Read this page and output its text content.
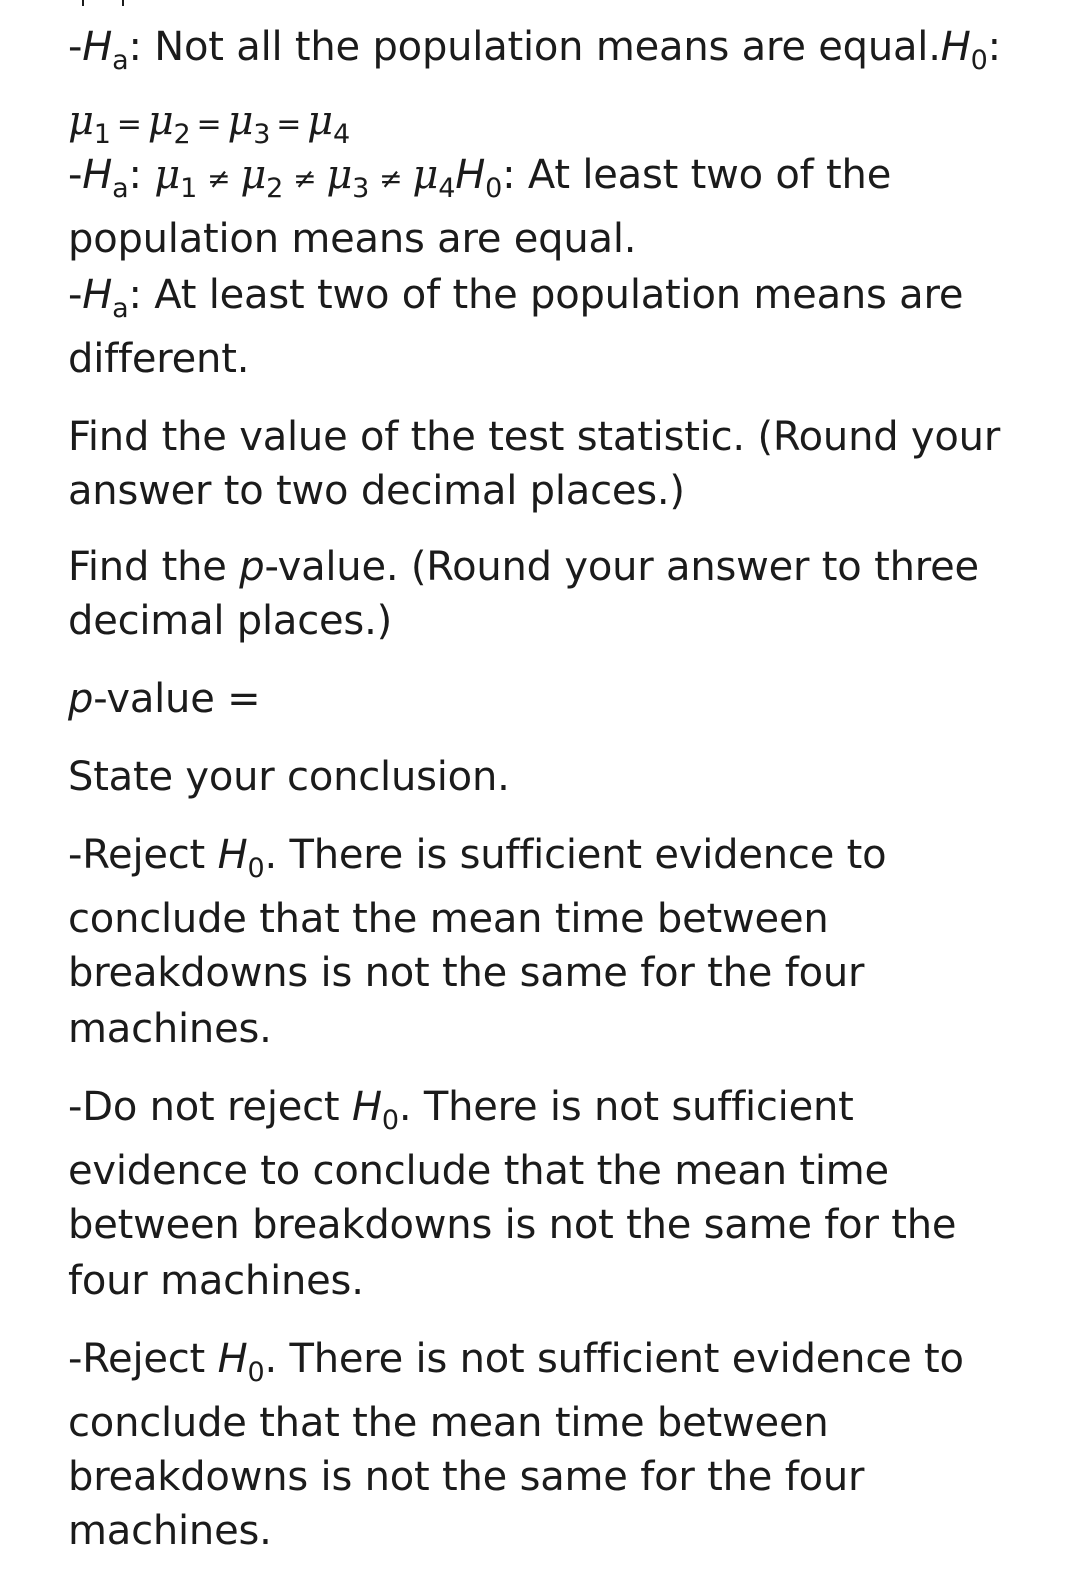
$-H_a$: Not all the population means are $equal.H_0$:
$\mu_1 = \mu_2 = \mu_3 = \mu_4$
$-H_a$: $\mu_1 \ne \mu_2 \ne \mu_3 \ne \mu_4H_0$: At least two of the
population means are equal.
$-H_a$: At least two of the population means are
different.
Find the value of the test statistic. (Round your
answer to two decimal places.)
Find the p-value. (Round your answer to three
decimal places.)
p-value =
State your conclusion.
-Reject $H_0$. There is sufficient evidence to
conclude that the mean time between
breakdowns is not the same for the four
machines.
-Do not reject $H_0$. There is not sufficient
evidence to conclude that the mean time
between breakdowns is not the same for the
four machines.
-Reject $H_0$. There is not sufficient evidence to
conclude that the mean time between
breakdowns is not the same for the four
machines.
